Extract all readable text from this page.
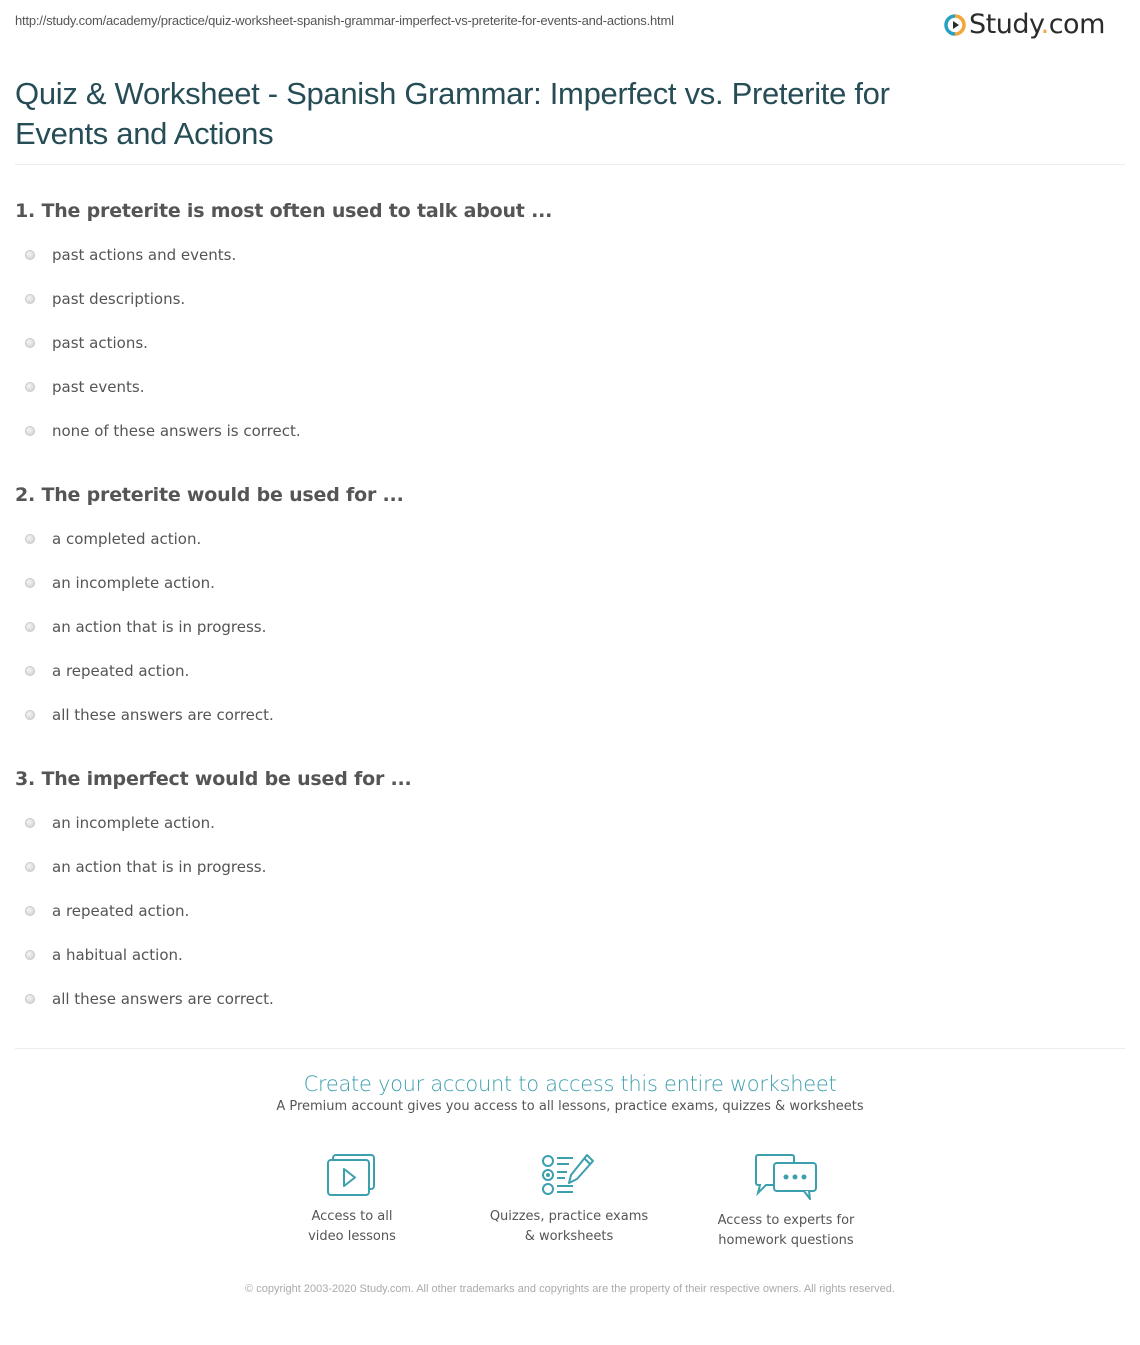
http://study.com/academy/practice/quiz-worksheet-spanish-grammar-imperfect-vs-preterite-for-events-and-actions.html	Study.com
Quiz & Worksheet - Spanish Grammar: Imperfect vs. Preterite for Events and Actions

1. The preterite is most often used to talk about ...

past actions and events.
past descriptions.
past actions.
past events.
none of these answers is correct.

2. The preterite would be used for ...

a completed action.
an incomplete action.
an action that is in progress.
a repeated action.
all these answers are correct.

3. The imperfect would be used for ...

an incomplete action.
an action that is in progress.
a repeated action.
a habitual action.
all these answers are correct.
Create your account to access this entire worksheet
A Premium account gives you access to all lessons, practice exams, quizzes & worksheets
Access to all
video lessons
Quizzes, practice exams
& worksheets
Access to experts for
homework questions
© copyright 2003-2020 Study.com. All other trademarks and copyrights are the property of their respective owners. All rights reserved.
